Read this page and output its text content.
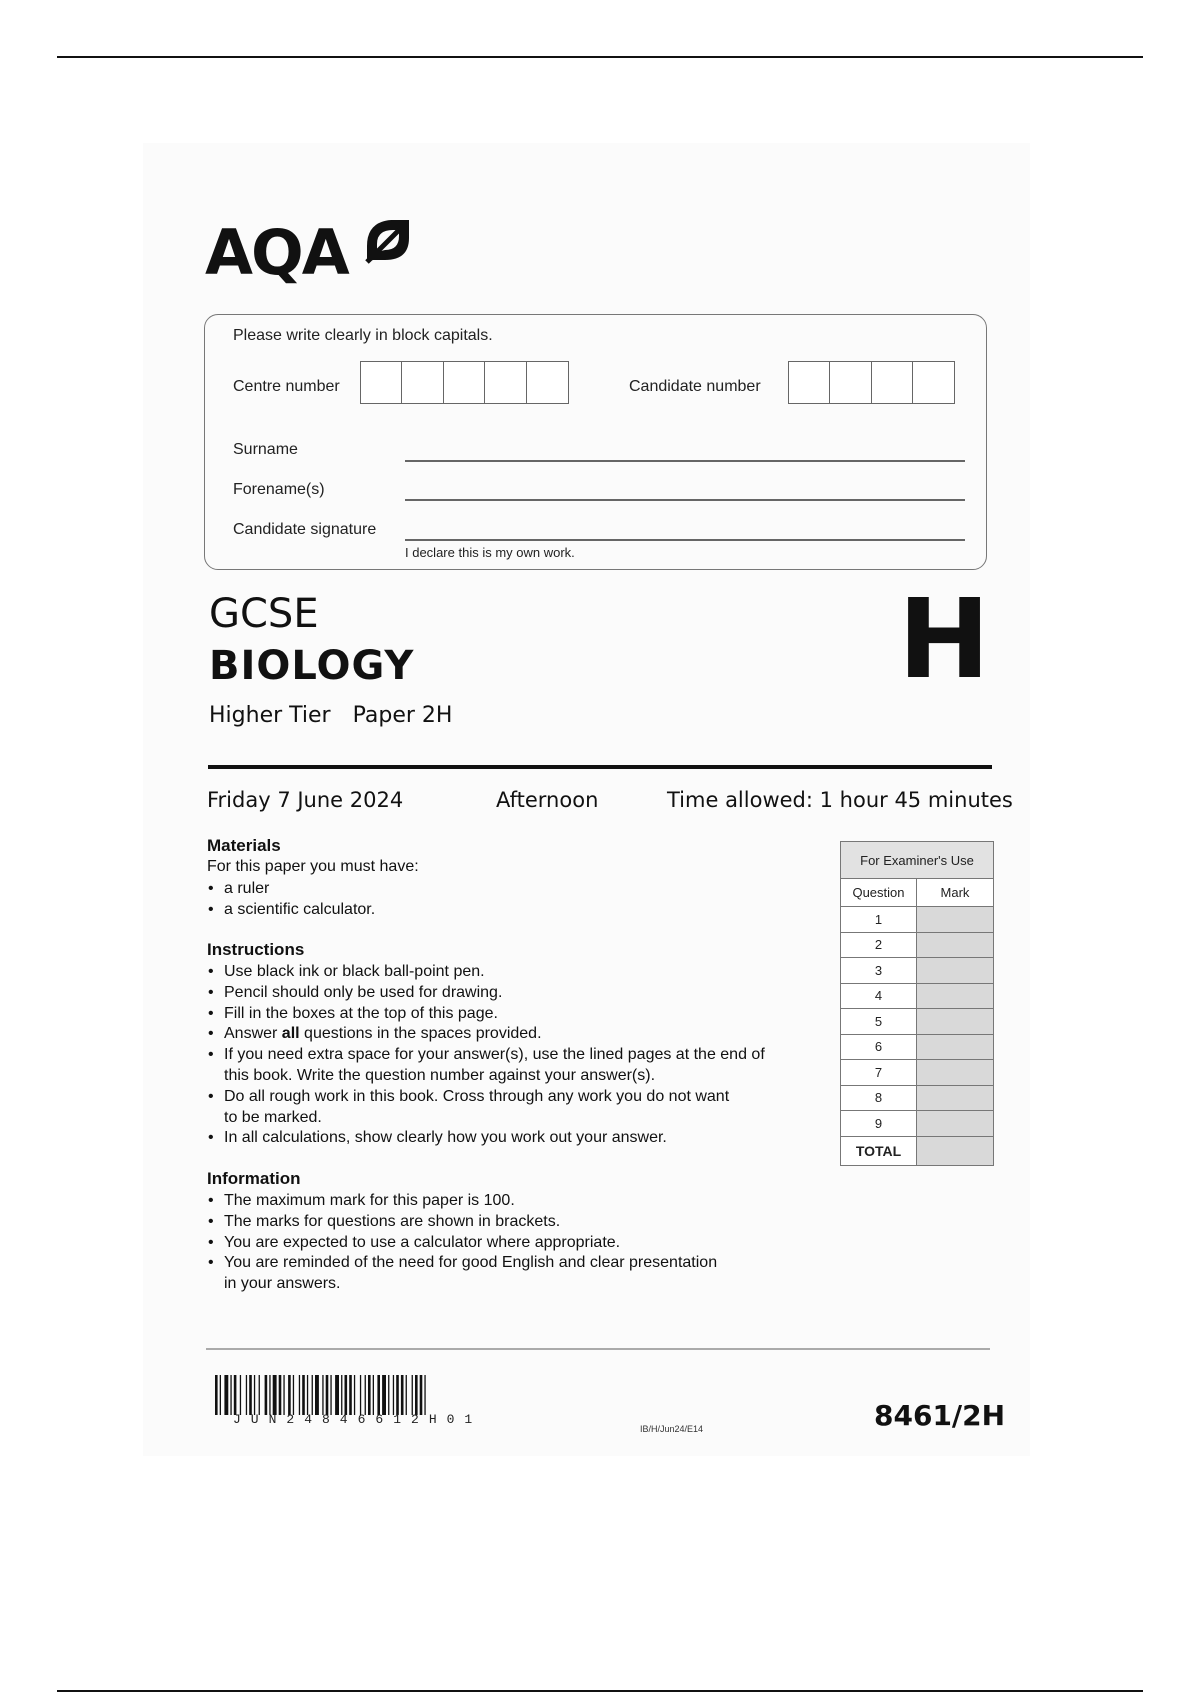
AQA
Please write clearly in block capitals.
Centre number	Candidate number
Surname
Forename(s)
Candidate signature
I declare this is my own work.
GCSE
BIOLOGY
Higher Tier Paper 2H
H
Friday 7 June 2024	Afternoon	Time allowed: 1 hour 45 minutes
Materials
For this paper you must have:
• a ruler
• a scientific calculator.
Instructions
• Use black ink or black ball-point pen.
• Pencil should only be used for drawing.
• Fill in the boxes at the top of this page.
• Answer all questions in the spaces provided.
• If you need extra space for your answer(s), use the lined pages at the end of
this book. Write the question number against your answer(s).
• Do all rough work in this book. Cross through any work you do not want
to be marked.
• In all calculations, show clearly how you work out your answer.
Information
• The maximum mark for this paper is 100.
• The marks for questions are shown in brackets.
• You are expected to use a calculator where appropriate.
• You are reminded of the need for good English and clear presentation
in your answers.
For Examiner's Use	
Question	Mark
1	
2	
3	
4	
5	
6	
7	
8	
9	
TOTAL	
JUN24846612H01
IB/H/Jun24/E14	8461/2H
